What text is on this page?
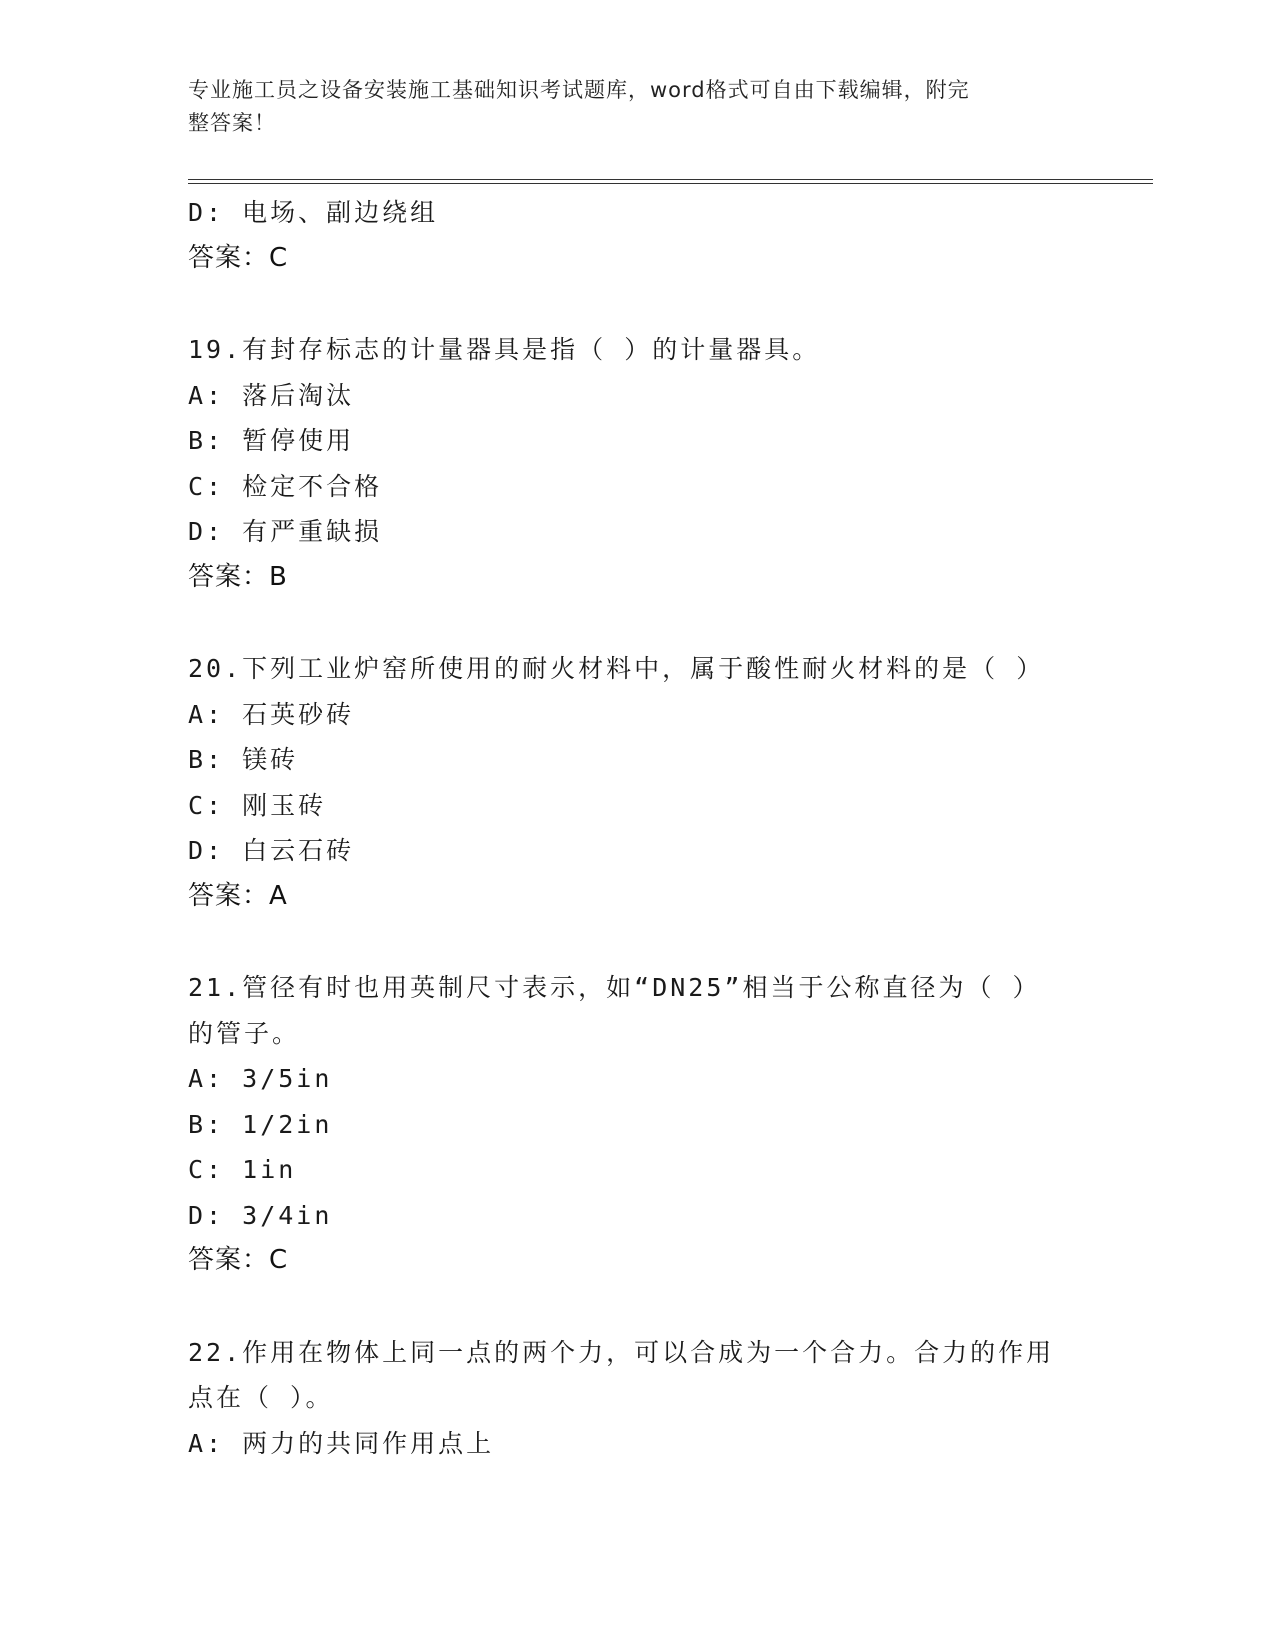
专业施工员之设备安装施工基础知识考试题库，word格式可自由下载编辑，附完
整答案！
D: 电场、副边绕组
答案：C
19.有封存标志的计量器具是指（ ）的计量器具。
A: 落后淘汰
B: 暂停使用
C: 检定不合格
D: 有严重缺损
答案：B
20.下列工业炉窑所使用的耐火材料中，属于酸性耐火材料的是（ ）
A: 石英砂砖
B: 镁砖
C: 刚玉砖
D: 白云石砖
答案：A
21.管径有时也用英制尺寸表示，如“DN25”相当于公称直径为（ ）
的管子。
A: 3/5in
B: 1/2in
C: 1in
D: 3/4in
答案：C
22.作用在物体上同一点的两个力，可以合成为一个合力。合力的作用
点在（ ）。
A: 两力的共同作用点上
